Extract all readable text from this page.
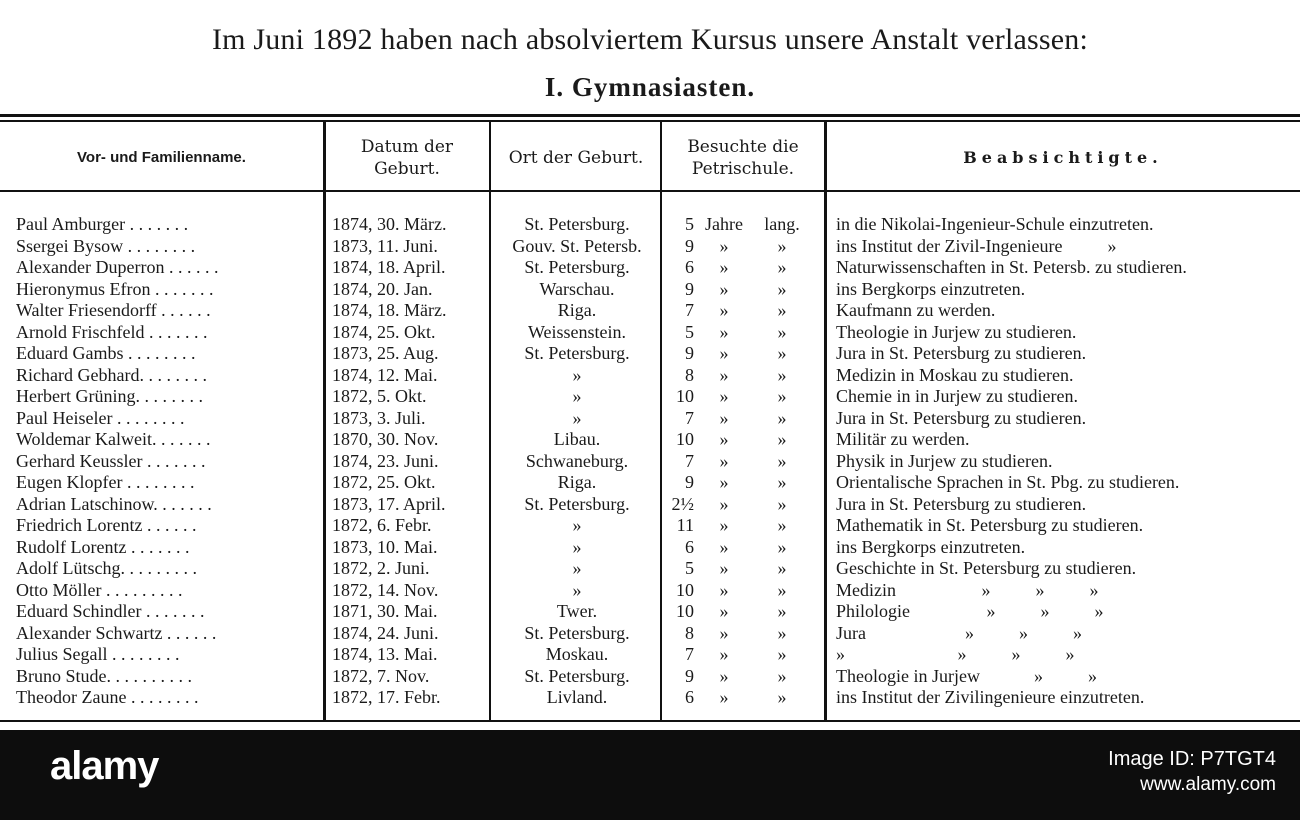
Im Juni 1892 haben nach absolviertem Kursus unsere Anstalt verlassen:
I. Gymnasiasten.
Vor- und Familienname.
Datum der Geburt.
Ort der Geburt.
Besuchte die Petrischule.
Beabsichtigte.
Paul Amburger . . . . . . .	1874, 30. März.	St. Petersburg.	5 Jahre lang.	in die Nikolai-Ingenieur-Schule einzutreten.
Ssergei Bysow . . . . . . . .	1873, 11. Juni.	Gouv. St. Petersb.	9 »	»	ins Institut der Zivil-Ingenieure          »
Alexander Duperron . . . . . .	1874, 18. April.	St. Petersburg.	6 »	»	Naturwissenschaften in St. Petersb. zu studieren.
Hieronymus Efron . . . . . . .	1874, 20. Jan.	Warschau.	9 »	»	ins Bergkorps einzutreten.
Walter Friesendorff . . . . . .	1874, 18. März.	Riga.	7 »	»	Kaufmann zu werden.
Arnold Frischfeld . . . . . . .	1874, 25. Okt.	Weissenstein.	5 »	»	Theologie in Jurjew zu studieren.
Eduard Gambs . . . . . . . .	1873, 25. Aug.	St. Petersburg.	9 »	»	Jura in St. Petersburg zu studieren.
Richard Gebhard. . . . . . . .	1874, 12. Mai.	»	8 »	»	Medizin in Moskau zu studieren.
Herbert Grüning. . . . . . . .	1872, 5. Okt.	»	10 »	»	Chemie in in Jurjew zu studieren.
Paul Heiseler . . . . . . . .	1873, 3. Juli.	»	7 »	»	Jura in St. Petersburg zu studieren.
Woldemar Kalweit. . . . . . .	1870, 30. Nov.	Libau.	10 »	»	Militär zu werden.
Gerhard Keussler . . . . . . .	1874, 23. Juni.	Schwaneburg.	7 »	»	Physik in Jurjew zu studieren.
Eugen Klopfer . . . . . . . .	1872, 25. Okt.	Riga.	9 »	»	Orientalische Sprachen in St. Pbg. zu studieren.
Adrian Latschinow. . . . . . .	1873, 17. April.	St. Petersburg.	2½ »	»	Jura in St. Petersburg zu studieren.
Friedrich Lorentz . . . . . .	1872, 6. Febr.	»	11 »	»	Mathematik in St. Petersburg zu studieren.
Rudolf Lorentz . . . . . . .	1873, 10. Mai.	»	6 »	»	ins Bergkorps einzutreten.
Adolf Lütschg. . . . . . . . .	1872, 2. Juni.	»	5 »	»	Geschichte in St. Petersburg zu studieren.
Otto Möller . . . . . . . . .	1872, 14. Nov.	»	10 »	»	Medizin                   »          »          »
Eduard Schindler . . . . . . .	1871, 30. Mai.	Twer.	10 »	»	Philologie                 »          »          »
Alexander Schwartz . . . . . .	1874, 24. Juni.	St. Petersburg.	8 »	»	Jura                      »          »          »
Julius Segall . . . . . . . .	1874, 13. Mai.	Moskau.	7 »	»	»                         »          »          »
Bruno Stude. . . . . . . . . .	1872, 7. Nov.	St. Petersburg.	9 »	»	Theologie in Jurjew            »          »
Theodor Zaune . . . . . . . .	1872, 17. Febr.	Livland.	6 »	»	ins Institut der Zivilingenieure einzutreten.
alamy	Image ID: P7TGT4
www.alamy.com
